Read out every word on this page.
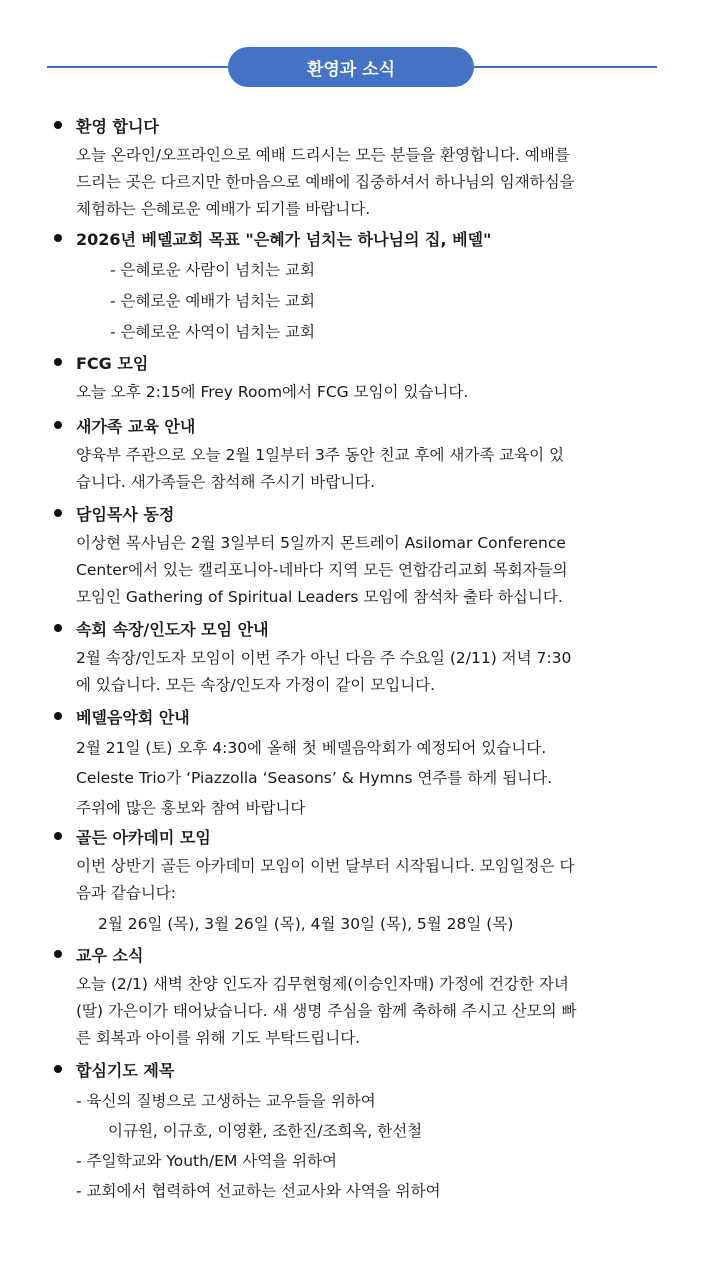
환영과 소식
환영 합니다

오늘 온라인/오프라인으로 예배 드리시는 모든 분들을 환영합니다. 예배를

드리는 곳은 다르지만 한마음으로 예배에 집중하셔서 하나님의 임재하심을

체험하는 은혜로운 예배가 되기를 바랍니다.

2026년 베델교회 목표 "은혜가 넘치는 하나님의 집, 베델"

- 은혜로운 사람이 넘치는 교회

- 은혜로운 예배가 넘치는 교회

- 은혜로운 사역이 넘치는 교회

FCG 모임

오늘 오후 2:15에 Frey Room에서 FCG 모임이 있습니다.

새가족 교육 안내

양육부 주관으로 오늘 2월 1일부터 3주 동안 친교 후에 새가족 교육이 있

습니다. 새가족들은 참석해 주시기 바랍니다.

담임목사 동정

이상현 목사님은 2월 3일부터 5일까지 몬트레이 Asilomar Conference

Center에서 있는 캘리포니아-네바다 지역 모든 연합감리교회 목회자들의

모임인 Gathering of Spiritual Leaders 모임에 참석차 출타 하십니다.

속회 속장/인도자 모임 안내

2월 속장/인도자 모임이 이번 주가 아닌 다음 주 수요일 (2/11) 저녁 7:30

에 있습니다. 모든 속장/인도자 가정이 같이 모입니다.

베델음악회 안내

2월 21일 (토) 오후 4:30에 올해 첫 베델음악회가 예정되어 있습니다.

Celeste Trio가 ‘Piazzolla ‘Seasons’ & Hymns 연주를 하게 됩니다.

주위에 많은 홍보와 참여 바랍니다

골든 아카데미 모임

이번 상반기 골든 아카데미 모임이 이번 달부터 시작됩니다. 모임일정은 다

음과 같습니다:

2월 26일 (목), 3월 26일 (목), 4월 30일 (목), 5월 28일 (목)

교우 소식

오늘 (2/1) 새벽 찬양 인도자 김무현형제(이승인자매) 가정에 건강한 자녀

(딸) 가은이가 태어났습니다. 새 생명 주심을 함께 축하해 주시고 산모의 빠

른 회복과 아이를 위해 기도 부탁드립니다.

합심기도 제목

- 육신의 질병으로 고생하는 교우들을 위하여

이규원, 이규호, 이영환, 조한진/조희옥, 한선철

- 주일학교와 Youth/EM 사역을 위하여

- 교회에서 협력하여 선교하는 선교사와 사역을 위하여
